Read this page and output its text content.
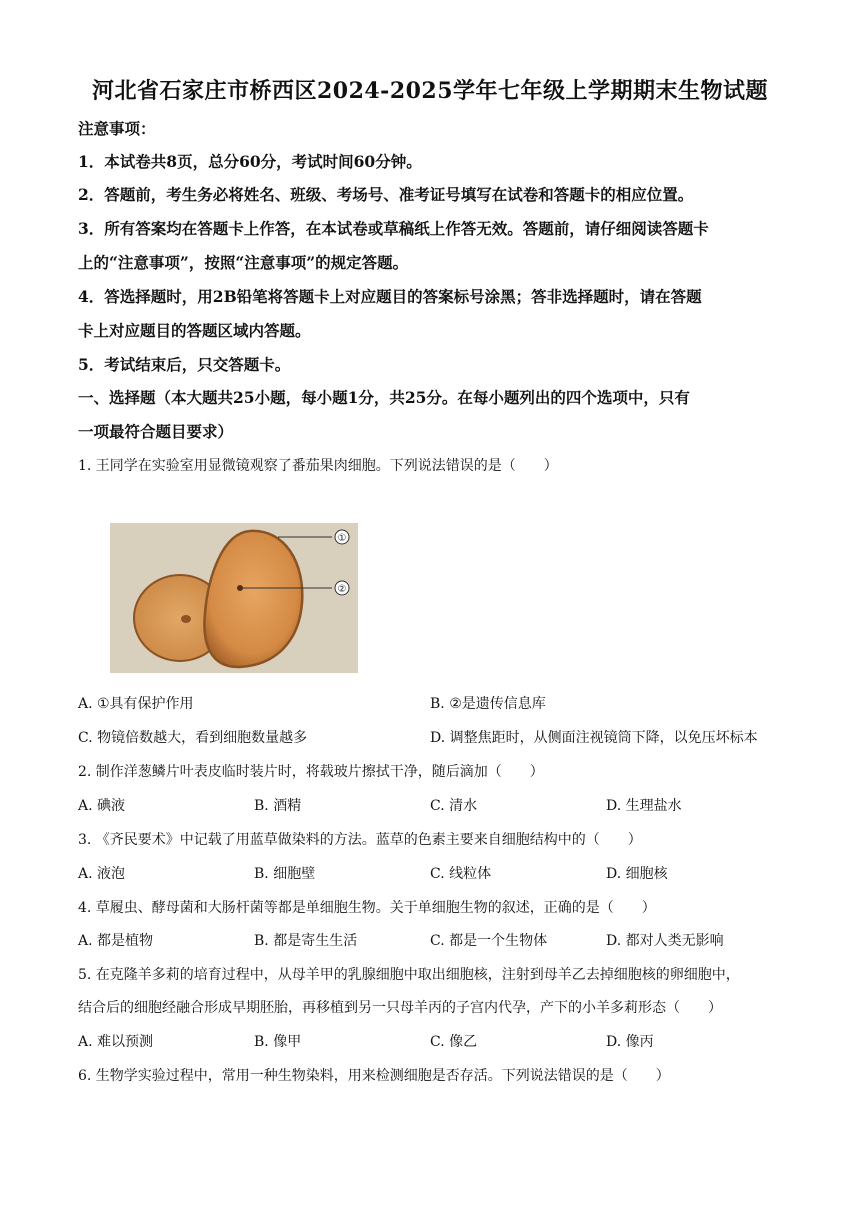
河北省石家庄市桥西区2024-2025学年七年级上学期期末生物试题
注意事项：
1．本试卷共8页，总分60分，考试时间60分钟。
2．答题前，考生务必将姓名、班级、考场号、准考证号填写在试卷和答题卡的相应位置。
3．所有答案均在答题卡上作答，在本试卷或草稿纸上作答无效。答题前，请仔细阅读答题卡
上的“注意事项”，按照“注意事项”的规定答题。
4．答选择题时，用2B铅笔将答题卡上对应题目的答案标号涂黑；答非选择题时，请在答题
卡上对应题目的答题区域内答题。
5．考试结束后，只交答题卡。
一、选择题（本大题共25小题，每小题1分，共25分。在每小题列出的四个选项中，只有
一项最符合题目要求）
1. 王同学在实验室用显微镜观察了番茄果肉细胞。下列说法错误的是（　　）
①
②
A. ①具有保护作用	B. ②是遗传信息库
C. 物镜倍数越大，看到细胞数量越多	D. 调整焦距时，从侧面注视镜筒下降，以免压坏标本
2. 制作洋葱鳞片叶表皮临时装片时，将载玻片擦拭干净，随后滴加（　　）
A. 碘液	B. 酒精	C. 清水	D. 生理盐水
3. 《齐民要术》中记载了用蓝草做染料的方法。蓝草的色素主要来自细胞结构中的（　　）
A. 液泡	B. 细胞壁	C. 线粒体	D. 细胞核
4. 草履虫、酵母菌和大肠杆菌等都是单细胞生物。关于单细胞生物的叙述，正确的是（　　）
A. 都是植物	B. 都是寄生生活	C. 都是一个生物体	D. 都对人类无影响
5. 在克隆羊多莉的培育过程中，从母羊甲的乳腺细胞中取出细胞核，注射到母羊乙去掉细胞核的卵细胞中，
结合后的细胞经融合形成早期胚胎，再移植到另一只母羊丙的子宫内代孕，产下的小羊多莉形态（　　）
A. 难以预测	B. 像甲	C. 像乙	D. 像丙
6. 生物学实验过程中，常用一种生物染料，用来检测细胞是否存活。下列说法错误的是（　　）
